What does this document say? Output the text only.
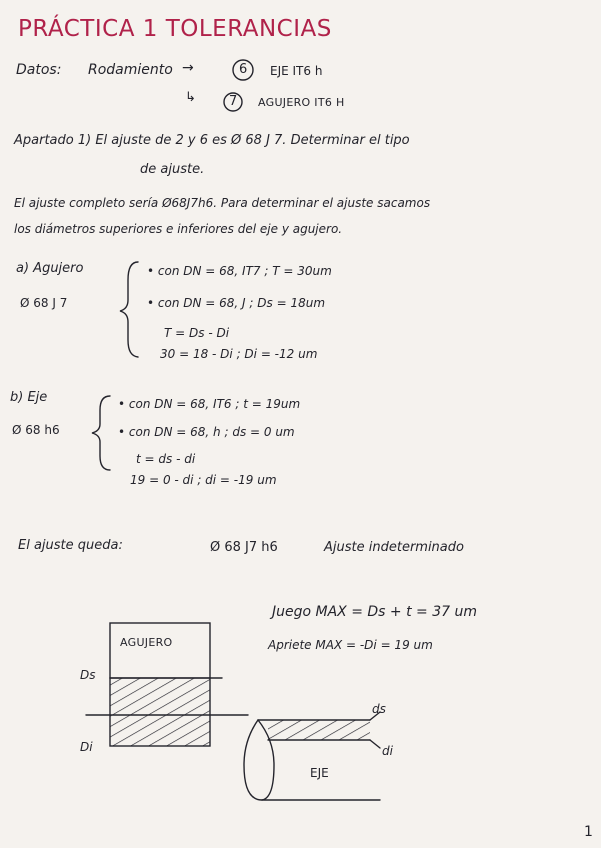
PRÁCTICA 1 TOLERANCIAS
Datos: Rodamiento →	6 EJE IT6 h
↳	7 AGUJERO IT6 H
Apartado 1) El ajuste de 2 y 6 es Ø 68 J 7. Determinar el tipo
de ajuste.
El ajuste completo sería Ø68J7h6. Para determinar el ajuste sacamos
los diámetros superiores e inferiores del eje y agujero.
a) Agujero
Ø 68 J 7
• con DN = 68, IT7 ; T = 30um
• con DN = 68, J ; Ds = 18um
T = Ds - Di
30 = 18 - Di ; Di = -12 um
b) Eje
Ø 68 h6
• con DN = 68, IT6 ; t = 19um
• con DN = 68, h ; ds = 0 um
t = ds - di
19 = 0 - di ; di = -19 um
El ajuste queda:	Ø 68 J7 h6	Ajuste indeterminado
Juego MAX = Ds + t = 37 um
Apriete MAX = -Di = 19 um
AGUJERO
Ds
Di
ds
di
EJE
1
